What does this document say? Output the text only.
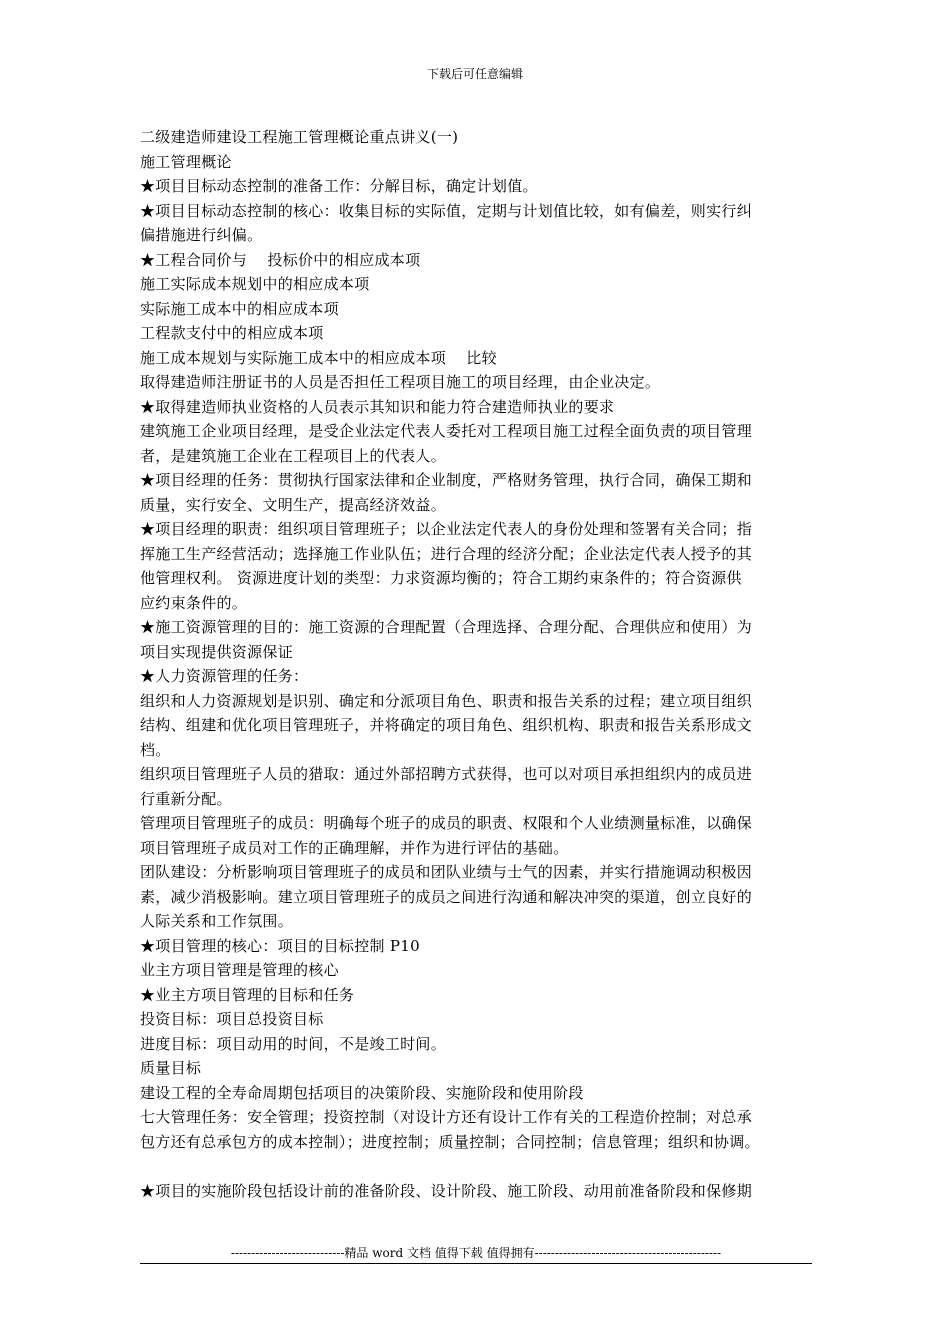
下载后可任意编辑
二级建造师建设工程施工管理概论重点讲义(一)
施工管理概论
★项目目标动态控制的准备工作：分解目标，确定计划值。
★项目目标动态控制的核心：收集目标的实际值，定期与计划值比较，如有偏差，则实行纠
偏措施进行纠偏。
★工程合同价与    投标价中的相应成本项
施工实际成本规划中的相应成本项
实际施工成本中的相应成本项
工程款支付中的相应成本项
施工成本规划与实际施工成本中的相应成本项    比较
取得建造师注册证书的人员是否担任工程项目施工的项目经理，由企业决定。
★取得建造师执业资格的人员表示其知识和能力符合建造师执业的要求
建筑施工企业项目经理，是受企业法定代表人委托对工程项目施工过程全面负责的项目管理
者，是建筑施工企业在工程项目上的代表人。
★项目经理的任务：贯彻执行国家法律和企业制度，严格财务管理，执行合同，确保工期和
质量，实行安全、文明生产，提高经济效益。
★项目经理的职责：组织项目管理班子；以企业法定代表人的身份处理和签署有关合同；指
挥施工生产经营活动；选择施工作业队伍；进行合理的经济分配；企业法定代表人授予的其
他管理权利。 资源进度计划的类型：力求资源均衡的；符合工期约束条件的；符合资源供
应约束条件的。
★施工资源管理的目的：施工资源的合理配置（合理选择、合理分配、合理供应和使用）为
项目实现提供资源保证
★人力资源管理的任务：
组织和人力资源规划是识别、确定和分派项目角色、职责和报告关系的过程；建立项目组织
结构、组建和优化项目管理班子，并将确定的项目角色、组织机构、职责和报告关系形成文
档。
组织项目管理班子人员的猎取：通过外部招聘方式获得，也可以对项目承担组织内的成员进
行重新分配。
管理项目管理班子的成员：明确每个班子的成员的职责、权限和个人业绩测量标准，以确保
项目管理班子成员对工作的正确理解，并作为进行评估的基础。
团队建设：分析影响项目管理班子的成员和团队业绩与士气的因素，并实行措施调动积极因
素，减少消极影响。建立项目管理班子的成员之间进行沟通和解决冲突的渠道，创立良好的
人际关系和工作氛围。
★项目管理的核心：项目的目标控制 P10
业主方项目管理是管理的核心
★业主方项目管理的目标和任务
投资目标：项目总投资目标
进度目标：项目动用的时间，不是竣工时间。
质量目标
建设工程的全寿命周期包括项目的决策阶段、实施阶段和使用阶段
七大管理任务：安全管理；投资控制（对设计方还有设计工作有关的工程造价控制；对总承
包方还有总承包方的成本控制）；进度控制；质量控制；合同控制；信息管理；组织和协调。
★项目的实施阶段包括设计前的准备阶段、设计阶段、施工阶段、动用前准备阶段和保修期
----------------------------精品 word 文档 值得下载 值得拥有----------------------------------------------
